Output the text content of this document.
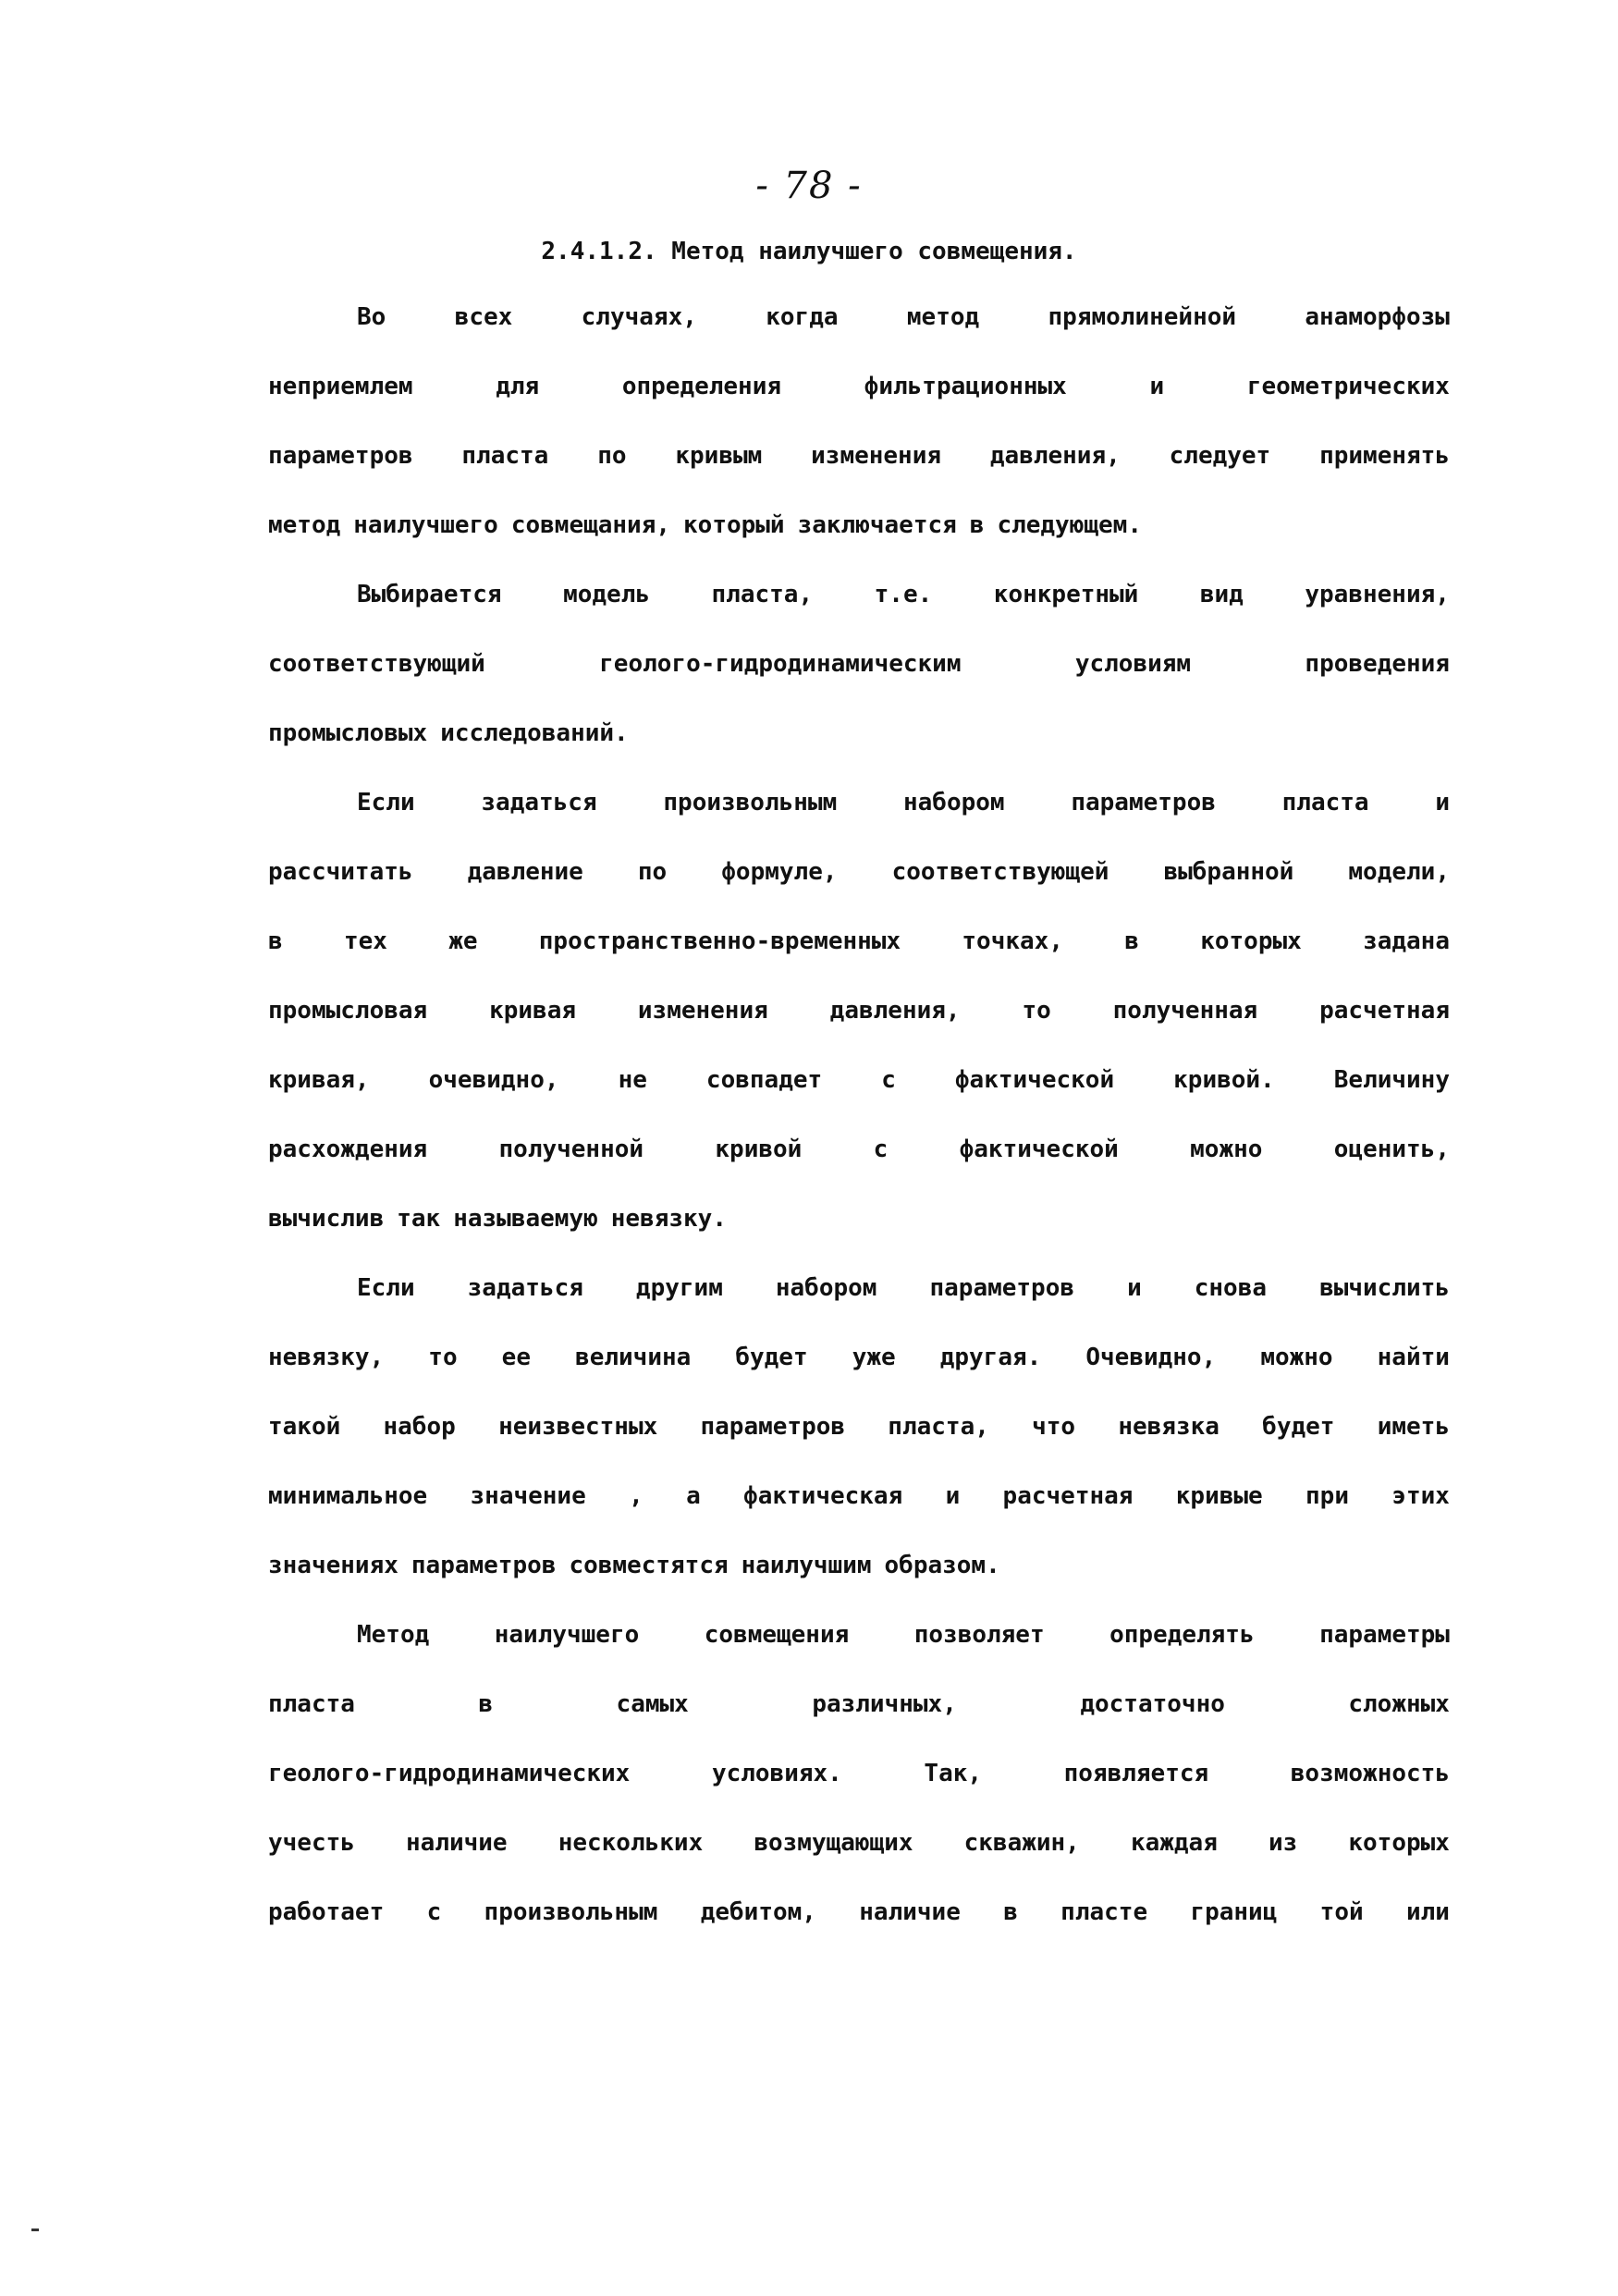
- 78 -
2.4.1.2. Метод наилучшего совмещения.
Во	всех	случаях,	когда	метод	прямолинейной	анаморфозы
неприемлем	для	определения	фильтрационных	и	геометрических
параметров пласта по кривым изменения давления, следует применять
метод наилучшего совмещания, который заключается в следующем.
Выбирается	модель	пласта,	т.е.	конкретный	вид	уравнения,
соответствующий	геолого-гидродинамическим	условиям	проведения
промысловых исследований.
Если	задаться	произвольным	набором	параметров	пласта	и
рассчитать давление по формуле, соответствующей выбранной модели,
в	тех	же	пространственно-временных	точках,	в	которых	задана
промысловая	кривая	изменения	давления,	то	полученная	расчетная
кривая, очевидно, не совпадет с фактической кривой. Величину
расхождения	полученной	кривой	с	фактической	можно	оценить,
вычислив так называемую невязку.
Если задаться другим набором параметров и снова вычислить
невязку, то ее величина будет уже другая. Очевидно, можно найти
такой набор неизвестных параметров пласта, что невязка будет иметь
минимальное значение , а фактическая и расчетная кривые при этих
значениях параметров совместятся наилучшим образом.
Метод	наилучшего	совмещения	позволяет	определять	параметры
пласта	в	самых	различных,	достаточно	сложных
геолого-гидродинамических	условиях.	Так,	появляется	возможность
учесть наличие нескольких возмущающих скважин, каждая из которых
работает с произвольным дебитом, наличие в пласте границ той или
